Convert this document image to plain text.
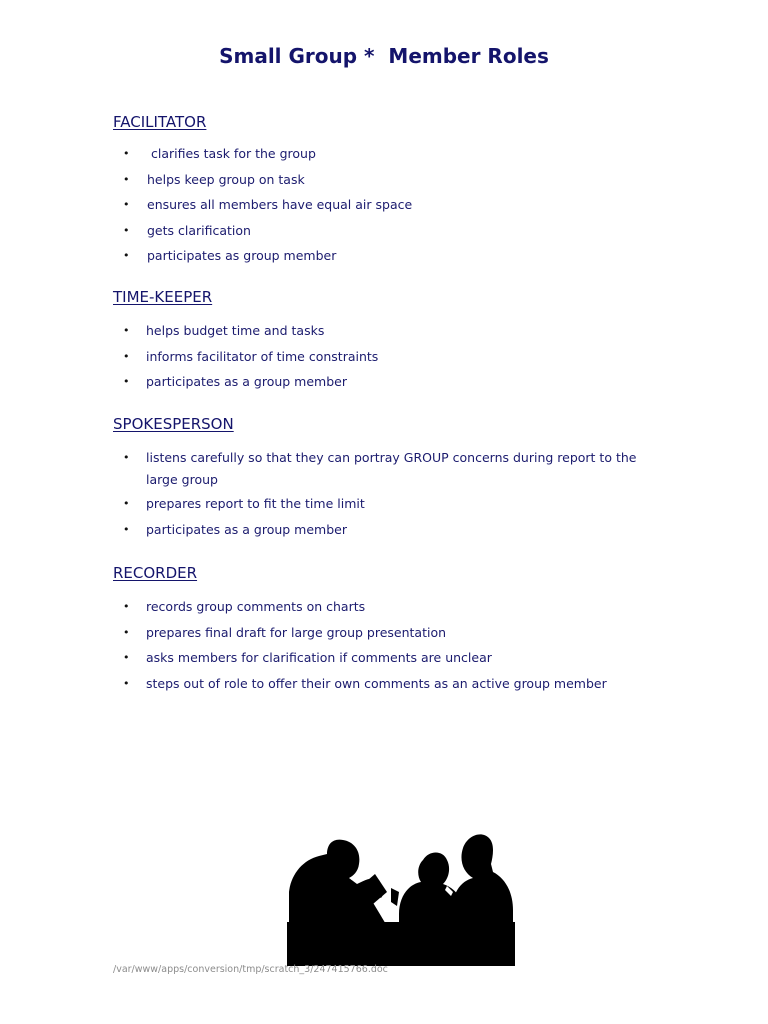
Small Group *  Member Roles
FACILITATOR
• clarifies task for the group
• helps keep group on task
• ensures all members have equal air space
• gets clarification
• participates as group member
TIME-KEEPER
• helps budget time and tasks
• informs facilitator of time constraints
• participates as a group member
SPOKESPERSON
• listens carefully so that they can portray GROUP concerns during report to the large group
• prepares report to fit the time limit
• participates as a group member
RECORDER
• records group comments on charts
• prepares final draft for large group presentation
• asks members for clarification if comments are unclear
• steps out of role to offer their own comments as an active group member
/var/www/apps/conversion/tmp/scratch_3/247415766.doc
